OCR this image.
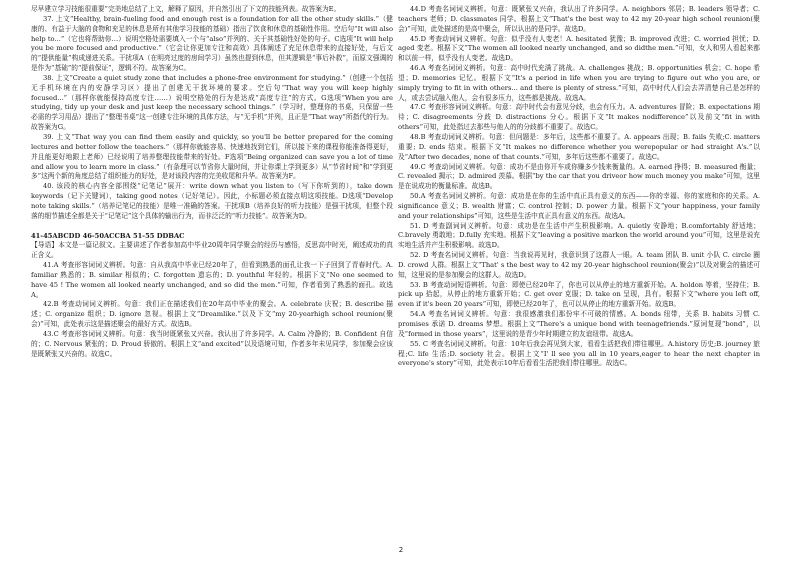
尽早建立学习技能很重要”完美地总结了上文，解释了原因，并自然引出了下文的技能列表。故答案为E。

37. 上文“Healthy, brain-fueling food and enough rest is a foundation for all the other study skills.”（健康的、有益于大脑的食物和充足的休息是所有其他学习技能的基础）指出了饮食和休息的基础性作用。空后句“It will also help to...”（它也将帮助你…）说明空格处需要填入一个与“also”并列的、关于其基础性好处的句子。C选项“It will help you be more focused and productive.”（它会让你更加专注和高效）具体阐述了充足休息带来的直接好处，与后文的“提供能量”构成递进关系。干扰项A（在明亮过度的房间学习）虽然也提到休息，但其逻辑是“事后补救”，而原文强调的是作为“基础”的“提前保证”，逻辑不符。故答案为C。

38. 上文“Create a quiet study zone that includes a phone-free environment for studying.”（创建一个包括无手机环境在内的安静学习区）提出了创建无干扰环境的要求。空后句“That way you will keep highly focused...”（那样你就能保持高度专注……）说明空格处的行为是达成“高度专注”的方式。G选项“When you are studying, tidy up your desk and just keep the necessary school things.”（学习时，整理你的书桌，只保留一些必需的学习用品）提出了“整理书桌”这一创建专注环境的具体方法，与“无手机”并列，且正是“That way”所指代的行为。故答案为G。

39. 上文“That way you can find them easily and quickly, so you'll be better prepared for the coming lectures and better follow the teachers.”（那样你就能容易、快速地找到它们，所以接下来的课程你能准备得更好，并且能更好地跟上老师）已经说明了培养整理技能带来的好处。F选项“Being organized can save you a lot of time and allow you to learn more in class.”（有条理可以节省你大量时间，并让你课上学到更多）从“节省时间”和“学到更多”这两个新的角度总结了组织能力的好处，是对该段内容的完美收尾和升华。故答案为F。

40. 该段的核心内容全部围绕“记笔记”展开：write down what you listen to（写下你听到的），take down keywords（记下关键词），taking good notes（记好笔记）。因此，小标题必须直接点明这项技能。D选项“Develop note taking skills.”（培养记笔记的技能）是唯一准确的答案。干扰项B（培养良好的听力技能）是强干扰项，但整个段落的细节描述全都是关于“记笔记”这个具体的输出行为，而非泛泛的“听力技能”。故答案为D。

41-45ABCDD 46-50ACCBA 51-55 DDBAC

【导语】本文是一篇记叙文。主要讲述了作者参加高中毕业20周年同学聚会的经历与感悟，反思高中时光，阐述成功的真正含义。

41.A 考查形容词词义辨析。句意：自从我高中毕业已经20年了，但看到熟悉的面孔让我一下子回到了青春时代。A. familiar 熟悉的；B. similar 相似的；C. forgotten 遗忘的；D. youthful 年轻的。根据下文“No one seemed to have 45 ! The women all looked nearly unchanged, and so did the men.”可知，作者看到了熟悉的面孔。故选A。

42.B 考查动词词义辨析。句意：我们正在描述我们在20年高中毕业的聚会。A. celebrate 庆祝；B. describe 描述；C. organize 组织；D. ignore 忽视。根据上文“Dreamlike.”以及下文“my 20-yearhigh school reunion(聚会)”可知，此处表示这是描述聚会的最好方式。故选B。

43.C 考查形容词词义辨析。句意：我当时既紧张又兴奋。我认出了许多同学。A. Calm 冷静的；B. Confident 自信的；C. Nervous 紧张的；D. Proud 骄傲的。根据上文“and excited”以及语境可知，作者多年未见同学，参加聚会应该是既紧张又兴奋的。故选C。

44.D 考查名词词义辨析。句意：既紧张又兴奋，我认出了许多同学。A. neighbors 邻居；B. leaders 领导者；C. teachers 老师；D. classmates 同学。根据上文“That's the best way to 42 my 20-year high school reunion(聚会)”可知，此处描述的是高中聚会，所以认出的是同学。故选D。

45.D 考查动词词义辨析。句意：似乎没有人变老！A. hesitated 犹豫；B. improved 改进；C. worried 担忧；D. aged 变老。根据下文“The women all looked nearly unchanged, and so didthe men.”可知，女人和男人看起来都和以前一样，似乎没有人变老。故选D。

46.A 考查名词词义辨析。句意：高中时代充满了挑战。A. challenges 挑战；B. opportunities 机会；C. hope 希望；D. memories 记忆。根据下文“It's a period in life when you are trying to figure out who you are, or simply trying to fit in with others... and there is plenty of stress.”可知，高中时代人们会去弄清楚自己是怎样的人，或去尝试融入他人，会有很多压力，这些都是挑战。故选A。

47.C 考查形容词词义辨析。句意：高中时代会有意见分歧，也会有压力。A. adventures 冒险；B. expectations 期待；C. disagreements 分歧 D. distractions 分心。根据下文“It makes nodifference”以及前文“fit in with others”可知，此处指过去那些与他人的的分歧都不重要了。故选C。

48.B 考查动词词义辨析。句意：但问题是：多年后，这些都不重要了。A. appears 出现；B. fails 失败;C. matters 重要; D. ends 结束。根据下文“It makes no difference whether you werepopular or had straight A's.”以及“After two decades, none of that counts.”可知，多年后这些都不重要了。故选C。

49.C 考查动词词义辨析。句意：成功不是由你开车或你赚多少钱来衡量的。A. earned 挣得；B. measured 衡量；C. revealed 揭示；D. admired 羡慕。根据“by the car that you driveor how much money you make”可知，这里是在说成功的衡量标准。故选B。

50.A 考查名词词义辨析。句意：成功是在你的生活中真正具有意义的东西——你的幸福、你的家庭和你的关系。A. significance 意义；B. wealth 财富；C. control 控制；D. power 力量。根据下文“your happiness, your family and your relationships”可知，这些是生活中真正具有意义的东西。故选A。

51. D 考查副词词义辨析。句意：成功是在生活中产生积极影响。A. quietly 安静地；B.comfortably 舒适地；C.bravely 勇敢地；D.fully 充实地。根据下文“leaving a positive markon the world around you”可知，这里是说充实地生活并产生积极影响。故选D。

52. D 考查名词词义辨析。句意：当我说再见时，我意识到了这群人一眼。A. team 团队 B. unit 小队 C. circle 圈 D. crowd 人群。根据上文“That' s the best way to 42 my 20-year highschool reunion(聚会)”以及对聚会的描述可知，这里说的是参加聚会的这群人。故选D。

53. B 考查动词短语辨析。句意：即使已经20年了，你也可以从停止的地方重新开始。A. holdon 等着，坚持住；B. pick up 拾起，从停止的地方重新开始；C. get over 克服；D. take on 呈现，具有。根据下文“where you left off, even if it's been 20 years”可知，即使已经20年了，也可以从停止的地方重新开始。故选B。

54.A 考查名词词义辨析。句意：我很感激我们那份牢不可破的情感。A. bonds 纽带，关系 B. habits 习惯 C. promises 承诺 D. dreams 梦想。根据上文“There's a unique bond with teenagefriends.”原词复现“bond”，以及“formed in those years”，这里说的是青少年时期建立的友谊纽带。故选A。

55. C 考查名词词义辨析。句意：10年后我会再见到大家，看看生活把我们带往哪里。A.history 历史;B. journey 旅程;C. life 生活;D. society 社会。根据上文“I' ll see you all in 10 years,eager to hear the next chapter in everyone's story”可知，此处表示10年后看看生活把我们带往哪里。故选C。

2
